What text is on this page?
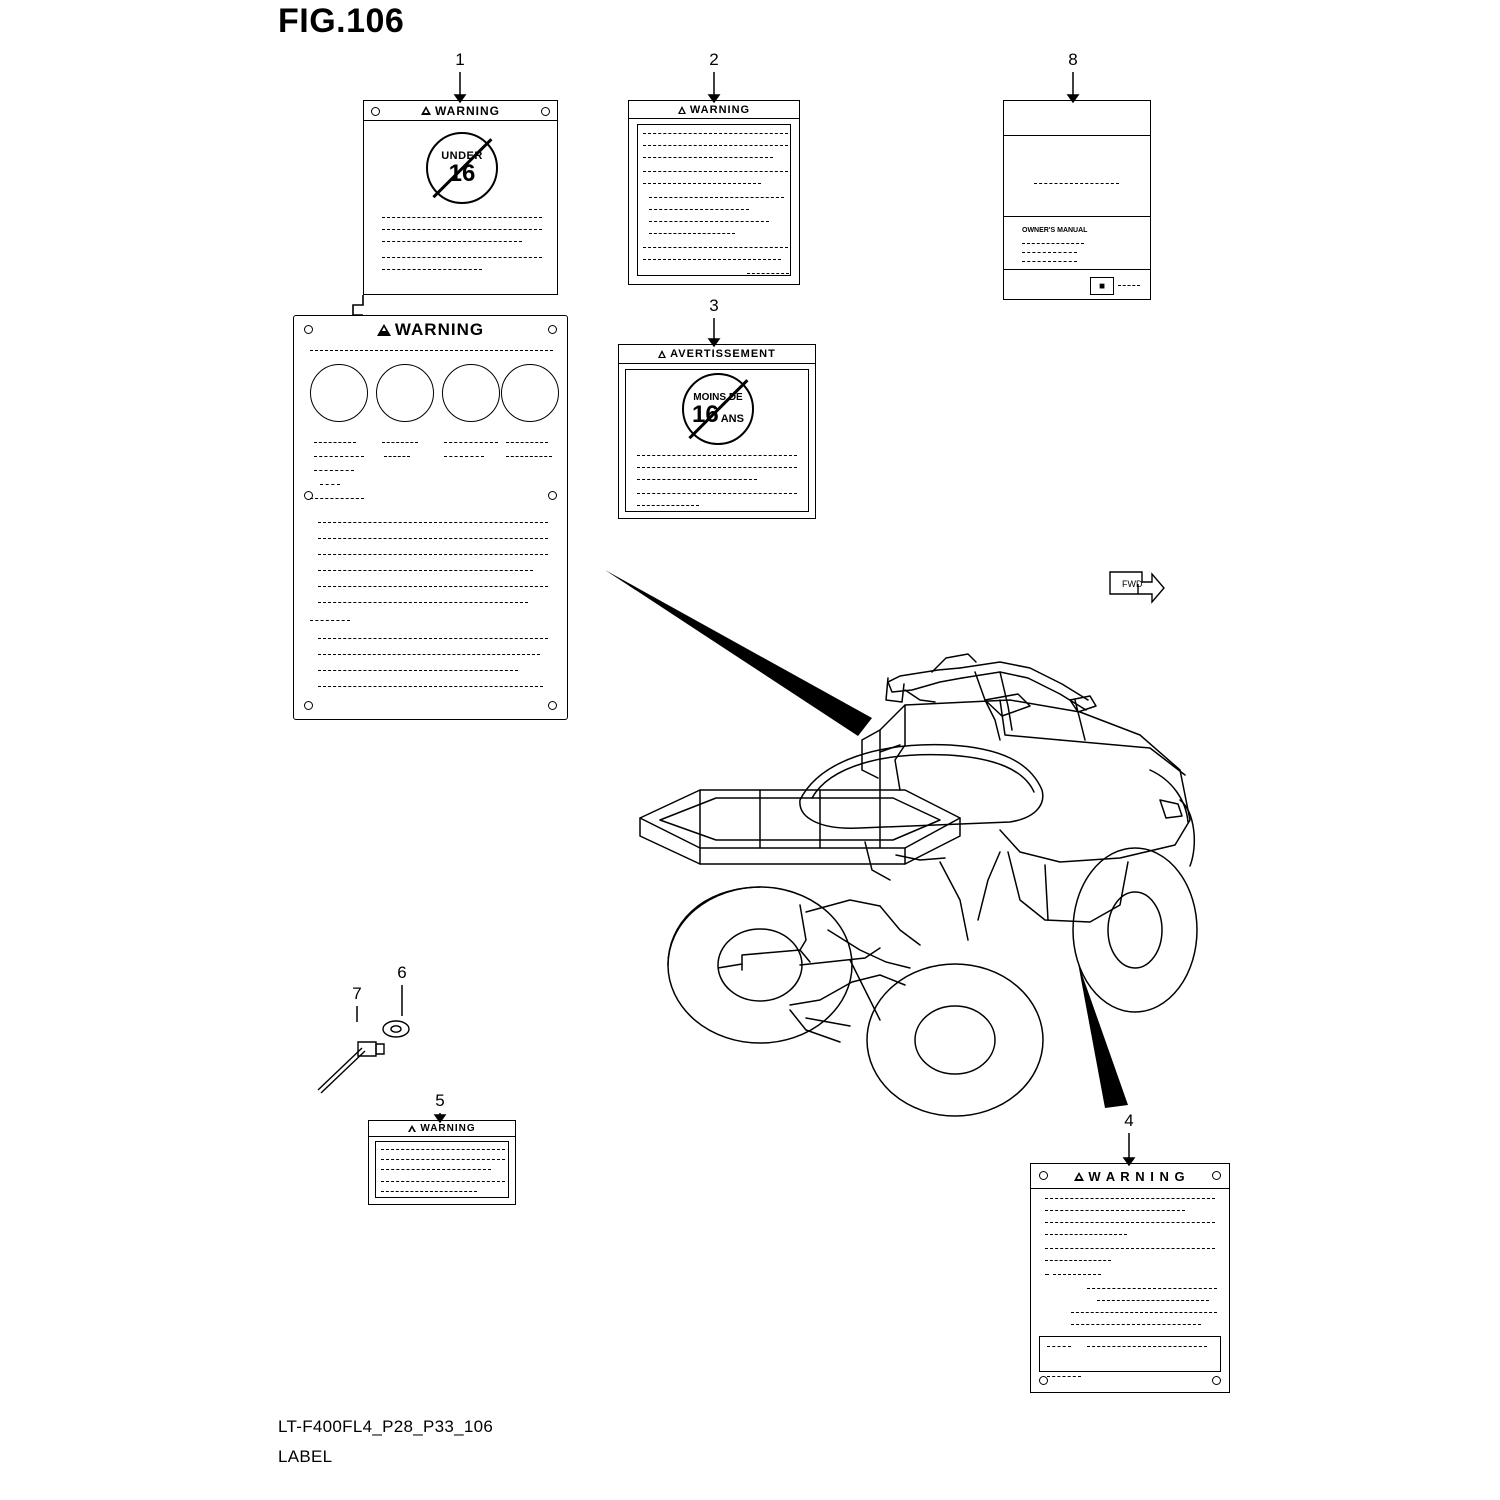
FIG.106
LT-F400FL4_P28_P33_106
LABEL
1	2	8
3
6
7
5
4
WARNING
UNDER
16
WARNING
WARNING
AVERTISSEMENT
MOINS DE
16 ANS
OWNER'S MANUAL
■
WARNING
W A R N I N G
FWD
